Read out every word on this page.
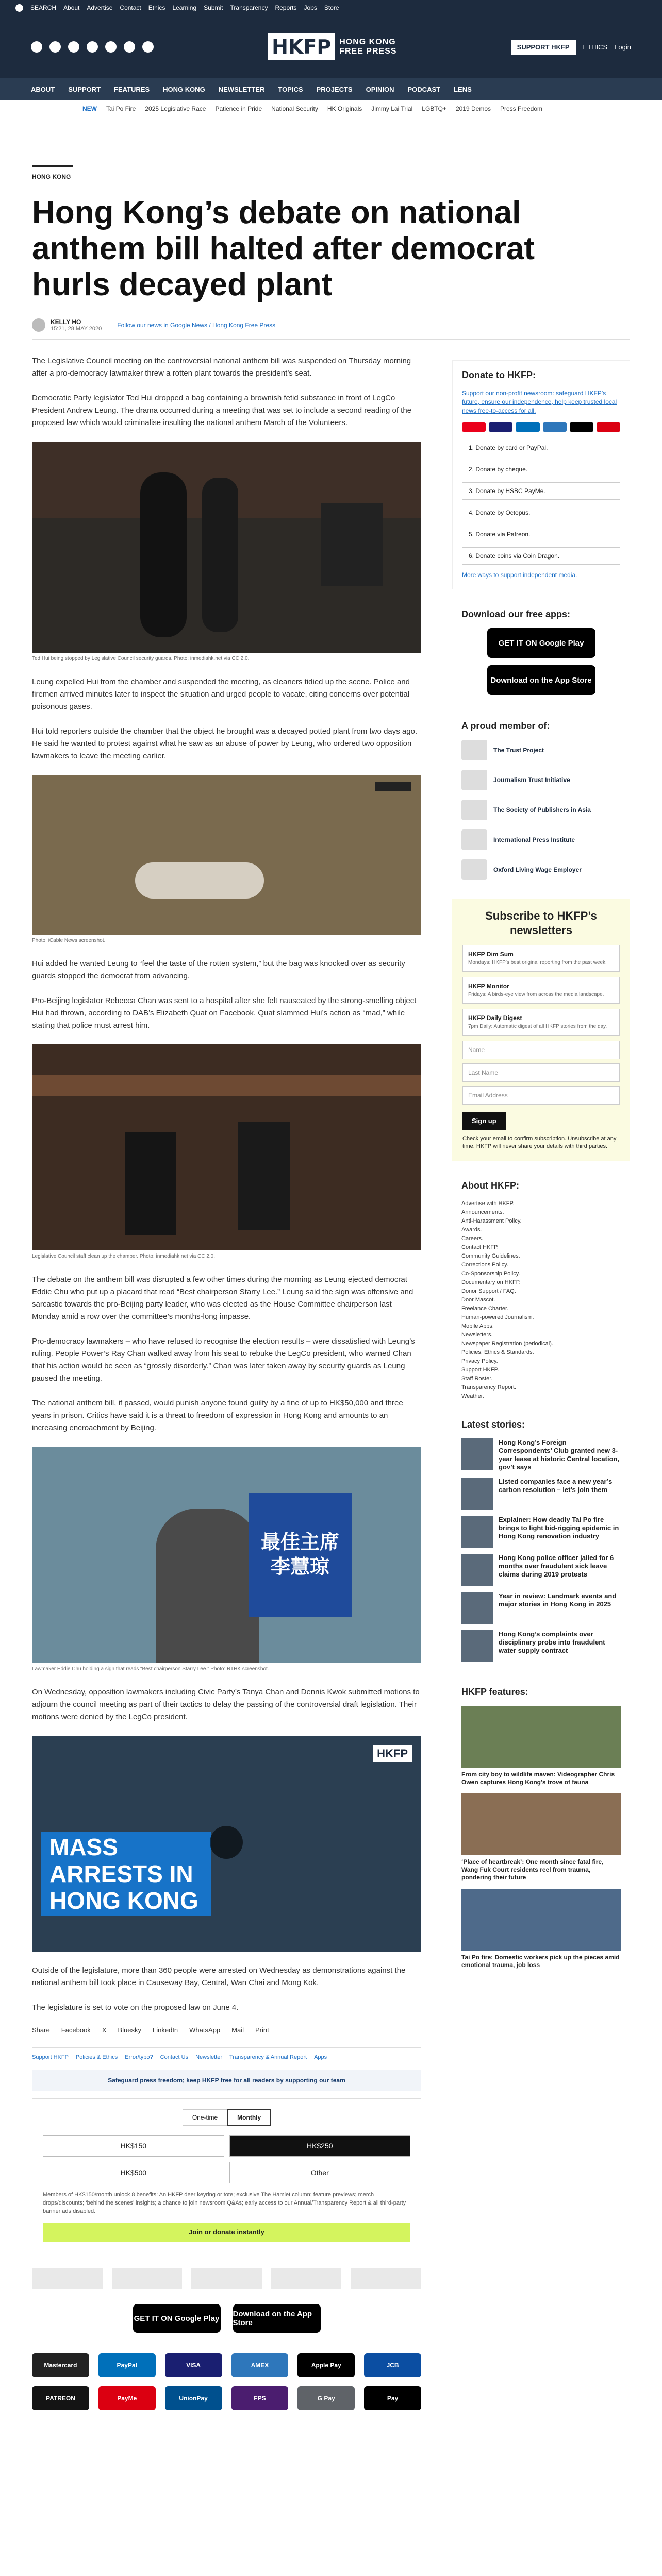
SEARCH About Advertise Contact Ethics Learning Submit Transparency Reports Jobs Store
HKFP	HONG KONG
FREE PRESS	SUPPORT HKFP	ETHICS Login
ABOUT SUPPORT FEATURES HONG KONG NEWSLETTER TOPICS PROJECTS OPINION PODCAST LENS
NEW Tai Po Fire 2025 Legislative Race Patience in Pride National Security HK Originals Jimmy Lai Trial LGBTQ+ 2019 Demos Press Freedom
HONG KONG
Hong Kong’s debate on national anthem bill halted after democrat hurls decayed plant
KELLY HO
15:21, 28 MAY 2020	Follow our news in Google News / Hong Kong Free Press

The Legislative Council meeting on the controversial national anthem bill was suspended on Thursday morning after a pro-democracy lawmaker threw a rotten plant towards the president’s seat.

Democratic Party legislator Ted Hui dropped a bag containing a brownish fetid substance in front of LegCo President Andrew Leung. The drama occurred during a meeting that was set to include a second reading of the proposed law which would criminalise insulting the national anthem March of the Volunteers.

Ted Hui being stopped by Legislative Council security guards. Photo: inmediahk.net via CC 2.0.

Leung expelled Hui from the chamber and suspended the meeting, as cleaners tidied up the scene. Police and firemen arrived minutes later to inspect the situation and urged people to vacate, citing concerns over potential poisonous gases.

Hui told reporters outside the chamber that the object he brought was a decayed potted plant from two days ago. He said he wanted to protest against what he saw as an abuse of power by Leung, who ordered two opposition lawmakers to leave the meeting earlier.

Photo: iCable News screenshot.

Hui added he wanted Leung to “feel the taste of the rotten system,” but the bag was knocked over as security guards stopped the democrat from advancing.

Pro-Beijing legislator Rebecca Chan was sent to a hospital after she felt nauseated by the strong-smelling object Hui had thrown, according to DAB’s Elizabeth Quat on Facebook. Quat slammed Hui’s action as “mad,” while stating that police must arrest him.

Legislative Council staff clean up the chamber. Photo: inmediahk.net via CC 2.0.

The debate on the anthem bill was disrupted a few other times during the morning as Leung ejected democrat Eddie Chu who put up a placard that read “Best chairperson Starry Lee.” Leung said the sign was offensive and sarcastic towards the pro-Beijing party leader, who was elected as the House Committee chairperson last Monday amid a row over the committee’s months-long impasse.

Pro-democracy lawmakers – who have refused to recognise the election results – were dissatisfied with Leung’s ruling. People Power’s Ray Chan walked away from his seat to rebuke the LegCo president, who warned Chan that his action would be seen as “grossly disorderly.” Chan was later taken away by security guards as Leung paused the meeting.

The national anthem bill, if passed, would punish anyone found guilty by a fine of up to HK$50,000 and three years in prison. Critics have said it is a threat to freedom of expression in Hong Kong and amounts to an increasing encroachment by Beijing.

最佳主席 李慧琼
Lawmaker Eddie Chu holding a sign that reads “Best chairperson Starry Lee.” Photo: RTHK screenshot.

On Wednesday, opposition lawmakers including Civic Party’s Tanya Chan and Dennis Kwok submitted motions to adjourn the council meeting as part of their tactics to delay the passing of the controversial draft legislation. Their motions were denied by the LegCo president.

MASS ARRESTS IN HONG KONG
HKFP

Outside of the legislature, more than 360 people were arrested on Wednesday as demonstrations against the national anthem bill took place in Causeway Bay, Central, Wan Chai and Mong Kok.

The legislature is set to vote on the proposed law on June 4.

Share Facebook X Bluesky LinkedIn WhatsApp Mail Print
Support HKFP Policies & Ethics Error/typo? Contact Us Newsletter Transparency & Annual Report Apps
Safeguard press freedom; keep HKFP free for all readers by supporting our team
One-time	Monthly
HK$150	HK$250
HK$500	Other
Members of HK$150/month unlock 8 benefits: An HKFP deer keyring or tote; exclusive The Hamlet column; feature previews; merch drops/discounts; ‘behind the scenes’ insights; a chance to join newsroom Q&As; early access to our Annual/Transparency Report & all third-party banner ads disabled.
Join or donate instantly
GET IT ON Google Play Download on the App Store
Mastercard	PayPal	VISA	AMEX	Apple Pay	JCB
PATREON	PayMe	UnionPay	FPS	G Pay	Pay
Donate to HKFP:

Support our non-profit newsroom: safeguard HKFP’s future, ensure our independence, help keep trusted local news free-to-access for all.

1. Donate by card or PayPal.
2. Donate by cheque.
3. Donate by HSBC PayMe.
4. Donate by Octopus.
5. Donate via Patreon.
6. Donate coins via Coin Dragon.

More ways to support independent media.

Download our free apps:
GET IT ON Google Play
Download on the App Store
A proud member of:
The Trust Project
Journalism Trust Initiative
The Society of Publishers in Asia
International Press Institute
Oxford Living Wage Employer
Subscribe to HKFP’s newsletters
HKFP Dim Sum
Mondays: HKFP’s best original reporting from the past week.
HKFP Monitor
Fridays: A birds-eye view from across the media landscape.
HKFP Daily Digest
7pm Daily: Automatic digest of all HKFP stories from the day.
Name
Last Name
Email Address
Sign up

Check your email to confirm subscription. Unsubscribe at any time. HKFP will never share your details with third parties.

About HKFP:
Advertise with HKFP.
Announcements.
Anti-Harassment Policy.
Awards.
Careers.
Contact HKFP.
Community Guidelines.
Corrections Policy.
Co-Sponsorship Policy.
Documentary on HKFP.
Donor Support / FAQ.
Door Mascot.
Freelance Charter.
Human-powered Journalism.
Mobile Apps.
Newsletters.
Newspaper Registration (periodical).
Policies, Ethics & Standards.
Privacy Policy.
Support HKFP.
Staff Roster.
Transparency Report.
Weather.
Latest stories:
Hong Kong’s Foreign Correspondents’ Club granted new 3-year lease at historic Central location, gov’t says
Listed companies face a new year’s carbon resolution – let’s join them
Explainer: How deadly Tai Po fire brings to light bid-rigging epidemic in Hong Kong renovation industry
Hong Kong police officer jailed for 6 months over fraudulent sick leave claims during 2019 protests
Year in review: Landmark events and major stories in Hong Kong in 2025
Hong Kong’s complaints over disciplinary probe into fraudulent water supply contract
HKFP features:
From city boy to wildlife maven: Videographer Chris Owen captures Hong Kong’s trove of fauna
‘Place of heartbreak’: One month since fatal fire, Wang Fuk Court residents reel from trauma, pondering their future
Tai Po fire: Domestic workers pick up the pieces amid emotional trauma, job loss
